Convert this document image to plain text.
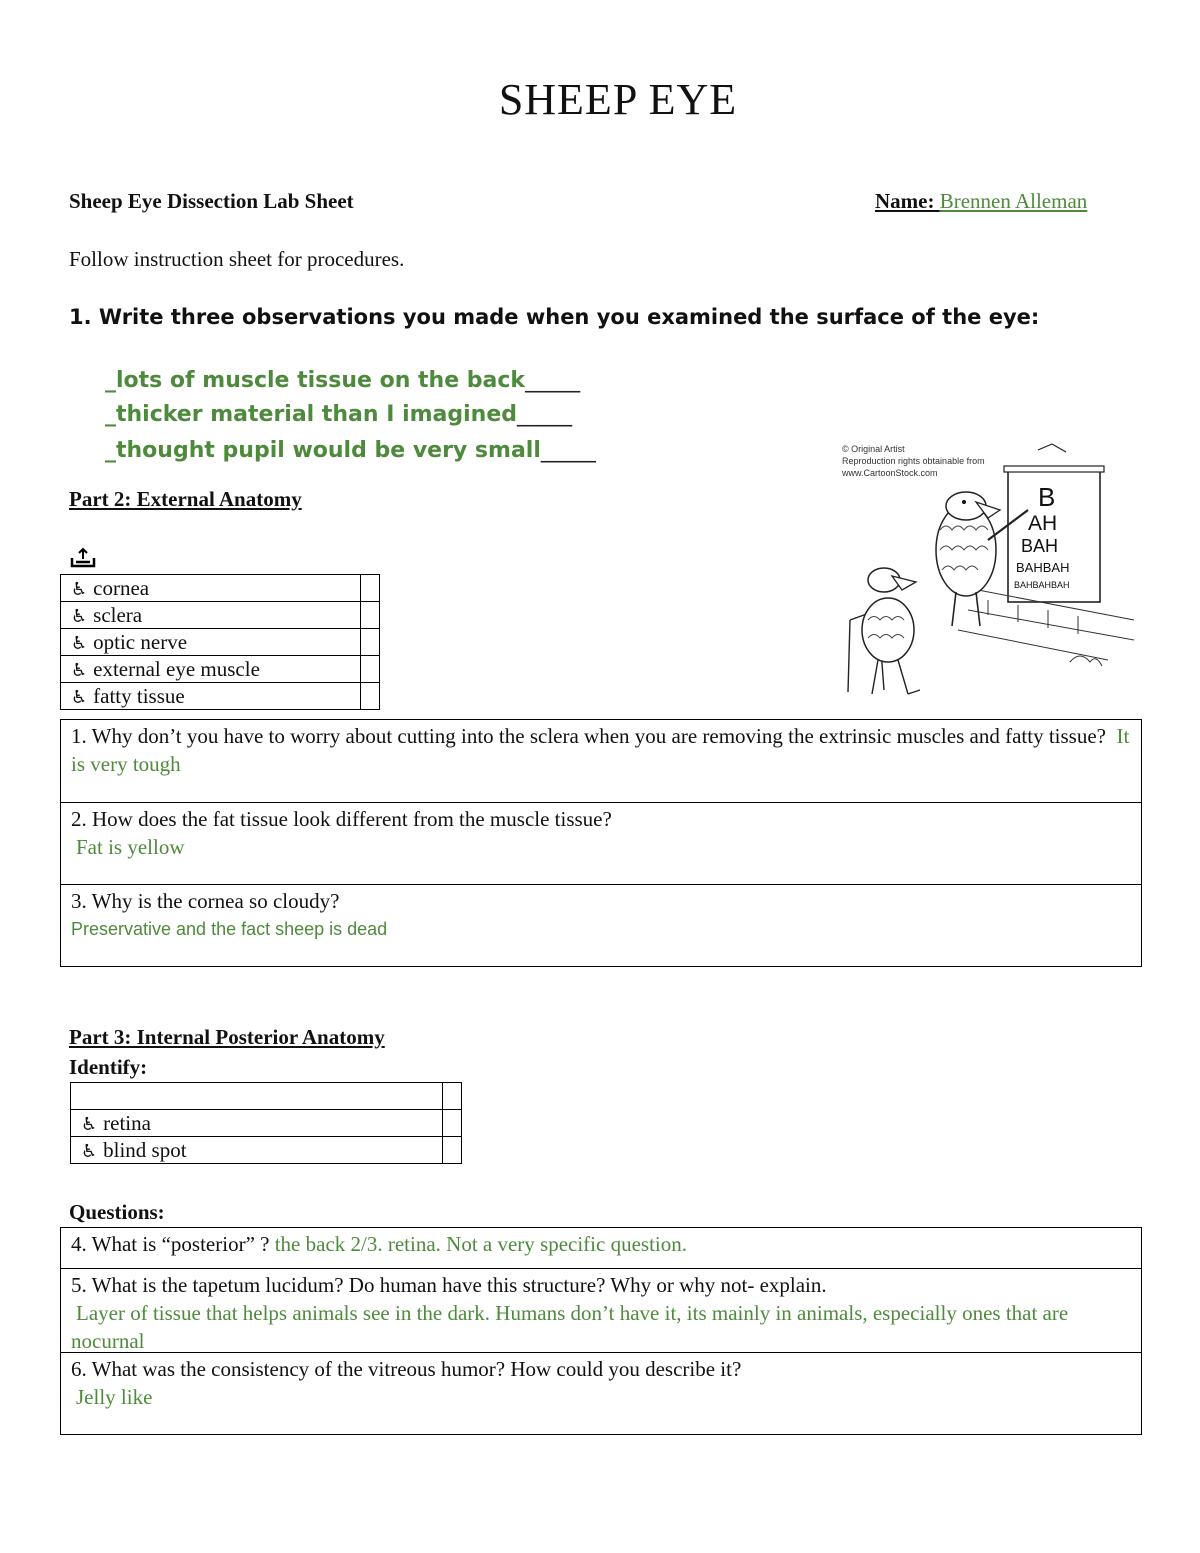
SHEEP EYE
Sheep Eye Dissection Lab Sheet	Name: Brennen Alleman
Follow instruction sheet for procedures.
1. Write three observations you made when you examined the surface of the eye:
_lots of muscle tissue on the back_____
_thicker material than I imagined_____
_thought pupil would be very small_____
Part 2: External Anatomy
♿ cornea	
♿ sclera	
♿ optic nerve	
♿ external eye muscle	
♿ fatty tissue	
© Original Artist
Reproduction rights obtainable from
www.CartoonStock.com
B
AH
BAH
BAHBAH
BAHBAHBAH
1. Why don’t you have to worry about cutting into the sclera when you are removing the extrinsic muscles and fatty tissue? It is very tough
2. How does the fat tissue look different from the muscle tissue?
Fat is yellow
3. Why is the cornea so cloudy?
Preservative and the fact sheep is dead
Part 3: Internal Posterior Anatomy
Identify:

♿ retina	
♿ blind spot	
Questions:
4. What is “posterior” ? the back 2/3. retina. Not a very specific question.
5. What is the tapetum lucidum? Do human have this structure? Why or why not- explain.
Layer of tissue that helps animals see in the dark. Humans don’t have it, its mainly in animals, especially ones that are nocurnal
6. What was the consistency of the vitreous humor? How could you describe it?
Jelly like
